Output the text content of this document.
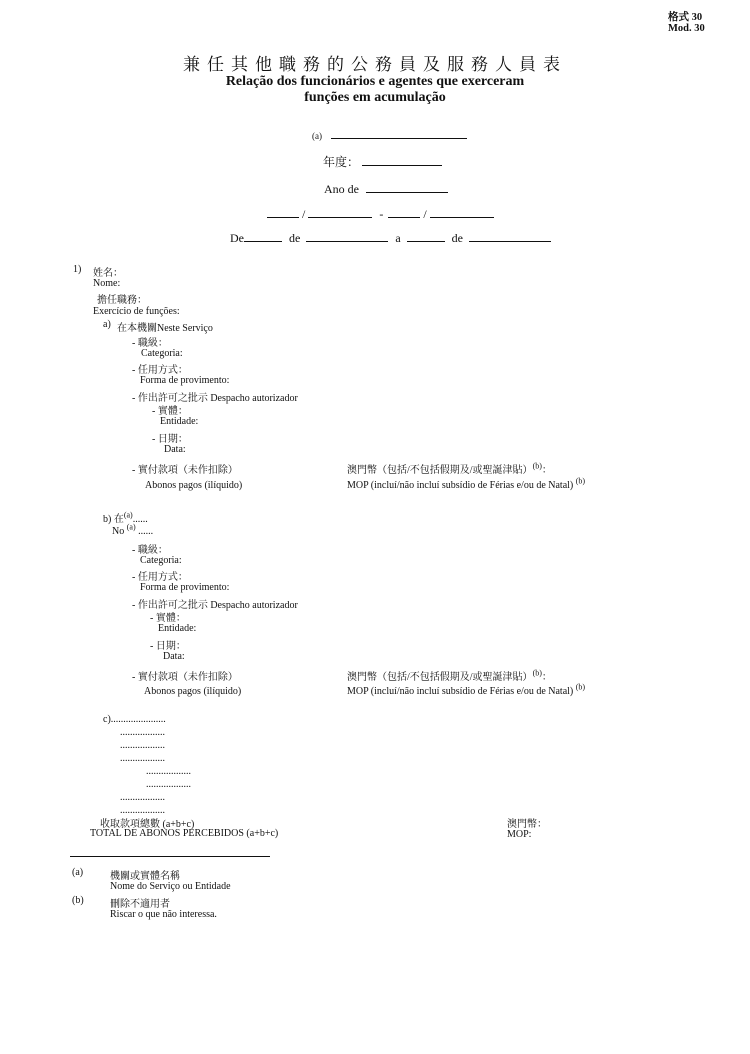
格式 30
Mod. 30
兼任其他職務的公務員及服務人員表
Relação dos funcionários e agentes que exerceram
funções em acumulação
(a)
年度：
Ano de
/	-	/
De	de	a	de
1) 姓名：
Nome:
擔任職務：
Exercício de funções:
a) 在本機關Neste Serviço
- 職級：
Categoria:
- 任用方式：
Forma de provimento:
- 作出許可之批示 Despacho autorizador
- 實體：
Entidade:
- 日期：
Data:
- 實付款項（未作扣除）
Abonos pagos (ilíquido)
澳門幣（包括/不包括假期及/或聖誕津貼）$^{(b)}$：
MOP (incluí/não incluí subsídio de Férias e/ou de Natal) $^{(b)}$
b) 在$^{(a)}$......
No $^{(a)}$ ......
- 職級：
Categoria:
- 任用方式：
Forma de provimento:
- 作出許可之批示 Despacho autorizador
- 實體：
Entidade:
- 日期：
Data:
- 實付款項（未作扣除）
Abonos pagos (ilíquido)
澳門幣（包括/不包括假期及/或聖誕津貼）$^{(b)}$：
MOP (incluí/não incluí subsídio de Férias e/ou de Natal) $^{(b)}$
c)......................
..................
..................
..................
..................
..................
..................
..................
收取款項總數 (a+b+c)
TOTAL DE ABONOS PERCEBIDOS (a+b+c)
澳門幣：
MOP:
(a)	機關或實體名稱
Nome do Serviço ou Entidade
(b)	刪除不適用者
Riscar o que não interessa.
